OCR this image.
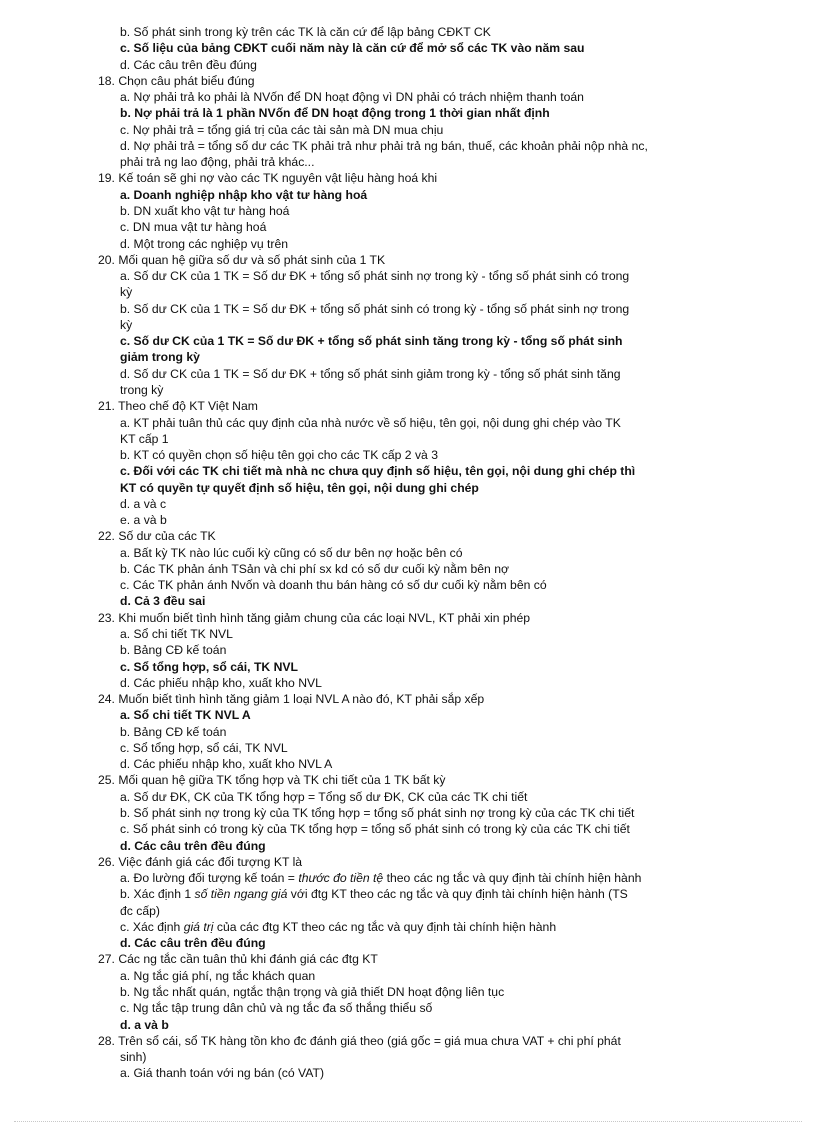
b. Số phát sinh trong kỳ trên các TK là căn cứ để lập bảng CĐKT CK
c. Số liệu của bảng CĐKT cuối năm này là căn cứ để mở sổ các TK vào năm sau
d. Các câu trên đều đúng
18. Chọn câu phát biểu đúng
a. Nợ phải trả ko phải là NVốn để DN hoạt động vì DN phải có trách nhiệm thanh toán
b. Nợ phải trả là 1 phần NVốn để DN hoạt động trong 1 thời gian nhất định
c. Nợ phải trả = tổng giá trị của các tài sản mà DN mua chịu
d. Nợ phải trả = tổng số dư các TK phải trả như phải trả ng bán, thuế, các khoản phải nộp nhà nc,
phải trả ng lao động, phải trả khác...
19. Kế toán sẽ ghi nợ vào các TK nguyên vật liệu hàng hoá khi
a. Doanh nghiệp nhập kho vật tư hàng hoá
b. DN xuất kho vật tư hàng hoá
c. DN mua vật tư hàng hoá
d. Một trong các nghiệp vụ trên
20. Mối quan hệ giữa số dư và số phát sinh của 1 TK
a. Số dư CK của 1 TK = Số dư ĐK + tổng số phát sinh nợ trong kỳ - tổng số phát sinh có trong
kỳ
b. Số dư CK của 1 TK = Số dư ĐK + tổng số phát sinh có trong kỳ - tổng số phát sinh nợ trong
kỳ
c. Số dư CK của 1 TK = Số dư ĐK + tổng số phát sinh tăng trong kỳ - tổng số phát sinh
giảm trong kỳ
d. Số dư CK của 1 TK = Số dư ĐK + tổng số phát sinh giảm trong kỳ - tổng số phát sinh tăng
trong kỳ
21. Theo chế độ KT Việt Nam
a. KT phải tuân thủ các quy định của nhà nước về số hiệu, tên gọi, nội dung ghi chép vào TK
KT cấp 1
b. KT có quyền chọn số hiệu tên gọi cho các TK cấp 2 và 3
c. Đối với các TK chi tiết mà nhà nc chưa quy định số hiệu, tên gọi, nội dung ghi chép thì
KT có quyền tự quyết định số hiệu, tên gọi, nội dung ghi chép
d. a và c
e. a và b
22. Số dư của các TK
a. Bất kỳ TK nào lúc cuối kỳ cũng có số dư bên nợ hoặc bên có
b. Các TK phản ánh TSản và chi phí sx kd có số dư cuối kỳ nằm bên nợ
c. Các TK phản ánh Nvốn và doanh thu bán hàng có số dư cuối kỳ nằm bên có
d. Cả 3 đều sai
23. Khi muốn biết tình hình tăng giảm chung của các loại NVL, KT phải xin phép
a. Sổ chi tiết TK NVL
b. Bảng CĐ kế toán
c. Sổ tổng hợp, sổ cái, TK NVL
d. Các phiếu nhập kho, xuất kho NVL
24. Muốn biết tình hình tăng giảm 1 loại NVL A nào đó, KT phải sắp xếp
a. Sổ chi tiết TK NVL A
b. Bảng CĐ kế toán
c. Sổ tổng hợp, sổ cái, TK NVL
d. Các phiếu nhập kho, xuất kho NVL A
25. Mối quan hệ giữa TK tổng hợp và TK chi tiết của 1 TK bất kỳ
a. Số dư ĐK, CK của TK tổng hợp = Tổng số dư ĐK, CK của các TK chi tiết
b. Số phát sinh nợ trong kỳ của TK tổng hợp = tổng số phát sinh nợ trong kỳ của các TK chi tiết
c. Số phát sinh có trong kỳ của TK tổng hợp = tổng số phát sinh có trong kỳ của các TK chi tiết
d. Các câu trên đều đúng
26. Việc đánh giá các đối tượng KT là
a. Đo lường đối tượng kế toán = thước đo tiền tệ theo các ng tắc và quy định tài chính hiện hành
b. Xác định 1 số tiền ngang giá với đtg KT theo các ng tắc và quy định tài chính hiện hành (TS
đc cấp)
c. Xác định giá trị của các đtg KT theo các ng tắc và quy định tài chính hiện hành
d. Các câu trên đều đúng
27. Các ng tắc cần tuân thủ khi đánh giá các đtg KT
a. Ng tắc giá phí, ng tắc khách quan
b. Ng tắc nhất quán, ngtắc thận trọng và giả thiết DN hoạt động liên tục
c. Ng tắc tập trung dân chủ và ng tắc đa số thắng thiểu số
d. a và b
28. Trên sổ cái, sổ TK hàng tồn kho đc đánh giá theo (giá gốc = giá mua chưa VAT + chi phí phát
sinh)
a. Giá thanh toán với ng bán (có VAT)
